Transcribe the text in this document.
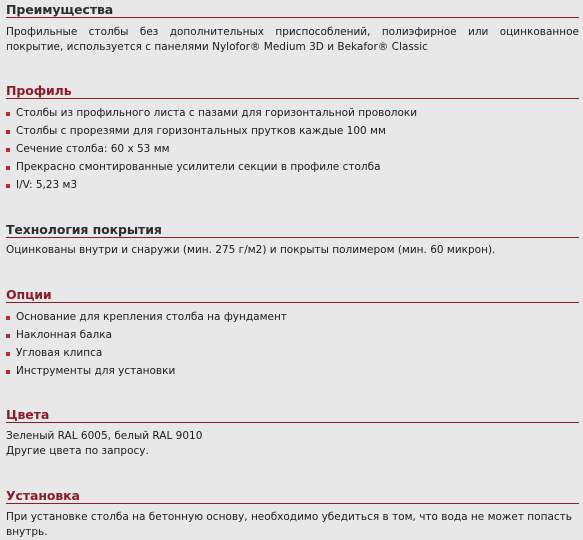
Преимущества
Профильные столбы без дополнительных приспособлений, полиэфирное или оцинкованное покрытие, используется с панелями Nylofor® Medium 3D и Bekafor® Classic
Профиль
Столбы из профильного листа с пазами для горизонтальной проволоки
Столбы с прорезями для горизонтальных прутков каждые 100 мм
Сечение столба: 60 x 53 мм
Прекрасно смонтированные усилители секции в профиле столба
I/V: 5,23 м3
Технология покрытия
Оцинкованы внутри и снаружи (мин. 275 г/м2) и покрыты полимером (мин. 60 микрон).
Опции
Основание для крепления столба на фундамент
Наклонная балка
Угловая клипса
Инструменты для установки
Цвета
Зеленый RAL 6005, белый RAL 9010
Другие цвета по запросу.
Установка
При установке столба на бетонную основу, необходимо убедиться в том, что вода не может попасть внутрь.
